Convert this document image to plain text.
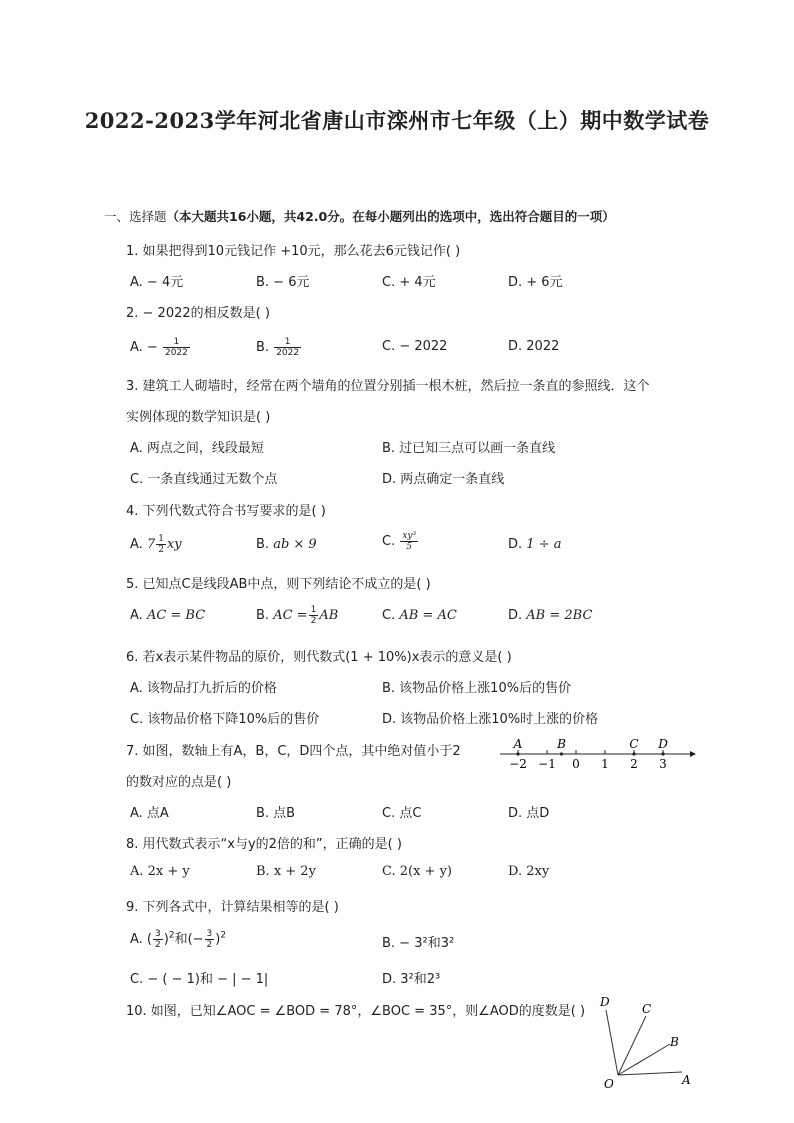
2022-2023学年河北省唐山市滦州市七年级（上）期中数学试卷
一、选择题（本大题共16小题，共42.0分。在每小题列出的选项中，选出符合题目的一项）
1. 如果把得到10元钱记作 +10元，那么花去6元钱记作( )
A. − 4元	B. − 6元	C. + 4元	D. + 6元
2. − 2022的相反数是( )
A. − $\frac{1}{2022}$	B. $\frac{1}{2022}$	C. − 2022	D. 2022
3. 建筑工人砌墙时，经常在两个墙角的位置分别插一根木桩，然后拉一条直的参照线．这个
实例体现的数学知识是( )
A. 两点之间，线段最短	B. 过已知三点可以画一条直线
C. 一条直线通过无数个点	D. 两点确定一条直线
4. 下列代数式符合书写要求的是( )
A. $7 \frac{1}{2}$ xy	B. ab × 9	C. $\frac{\text{xy³}}{5}$	D. 1 ÷ a
5. 已知点C是线段AB中点，则下列结论不成立的是( )
A. AC = BC	B. AC = $\frac{1}{2}$ AB	C. AB = AC	D. AB = 2BC
6. 若x表示某件物品的原价，则代数式(1 + 10%)x表示的意义是( )
A. 该物品打九折后的价格	B. 该物品价格上涨10%后的售价
C. 该物品价格下降10%后的售价	D. 该物品价格上涨10%时上涨的价格
7. 如图，数轴上有A，B，C，D四个点，其中绝对值小于2
的数对应的点是( )
−2 −1 0 1 2 3
A	B	C D
A. 点A	B. 点B	C. 点C	D. 点D
8. 用代数式表示“x与y的2倍的和”，正确的是( )
A. 2x + y	B. x + 2y	C. 2(x + y)	D. 2xy
9. 下列各式中，计算结果相等的是( )
A. ( $\frac{3}{2} )^2$和(− $\frac{3}{2} )^2$
B. − 3²和3²
C. − ( − 1)和 − | − 1|	D. 3²和2³
10. 如图，已知∠AOC = ∠BOD = 78°，∠BOC = 35°，则∠AOD的度数是( )
D	C
B
O	A
